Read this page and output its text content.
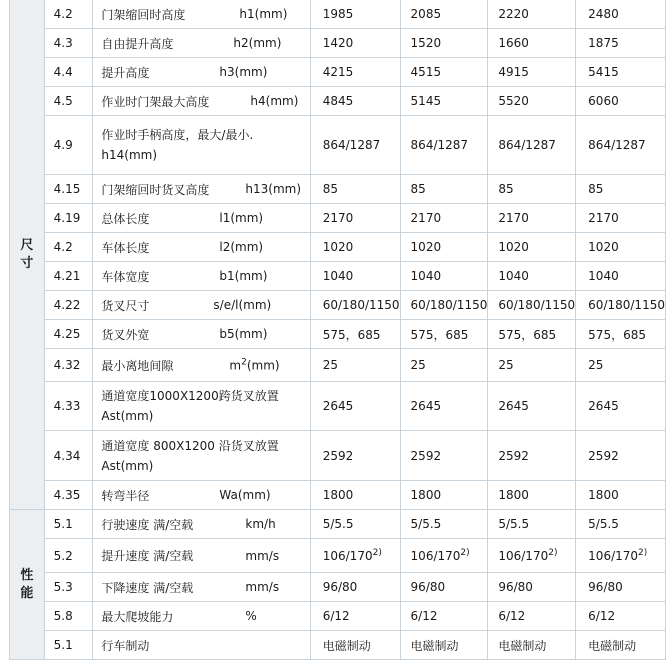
尺寸	4.2	门架缩回时高度 h1(mm)	1985	2085	2220	2480
	4.3	自由提升高度 h2(mm)	1420	1520	1660	1875
	4.4	提升高度 h3(mm)	4215	4515	4915	5415
	4.5	作业时门架最大高度 h4(mm)	4845	5145	5520	6060
	4.9	作业时手柄高度，最大/最小.
h14(mm)	864/1287	864/1287	864/1287	864/1287
	4.15	门架缩回时货叉高度 h13(mm)	85	85	85	85
	4.19	总体长度 l1(mm)	2170	2170	2170	2170
	4.2	车体长度 l2(mm)	1020	1020	1020	1020
	4.21	车体宽度 b1(mm)	1040	1040	1040	1040
	4.22	货叉尺寸 s/e/l(mm)	60/180/1150	60/180/1150	60/180/1150	60/180/1150
	4.25	货叉外宽 b5(mm)	575，685	575，685	575，685	575，685
	4.32	最小离地间隙 $m^2(mm)$	25	25	25	25
	4.33	通道宽度1000X1200跨货叉放置
Ast(mm)	2645	2645	2645	2645
	4.34	通道宽度 800X1200 沿货叉放置
Ast(mm)	2592	2592	2592	2592
	4.35	转弯半径 Wa(mm)	1800	1800	1800	1800
性能	5.1	行驶速度 满/空载 km/h	5/5.5	5/5.5	5/5.5	5/5.5
	5.2	提升速度 满/空载 mm/s	106/170$^{2)}$	106/170$^{2)}$	106/170$^{2)}$	106/170$^{2)}$
	5.3	下降速度 满/空载 mm/s	96/80	96/80	96/80	96/80
	5.8	最大爬坡能力 %	6/12	6/12	6/12	6/12
	5.1	行车制动	电磁制动	电磁制动	电磁制动	电磁制动
